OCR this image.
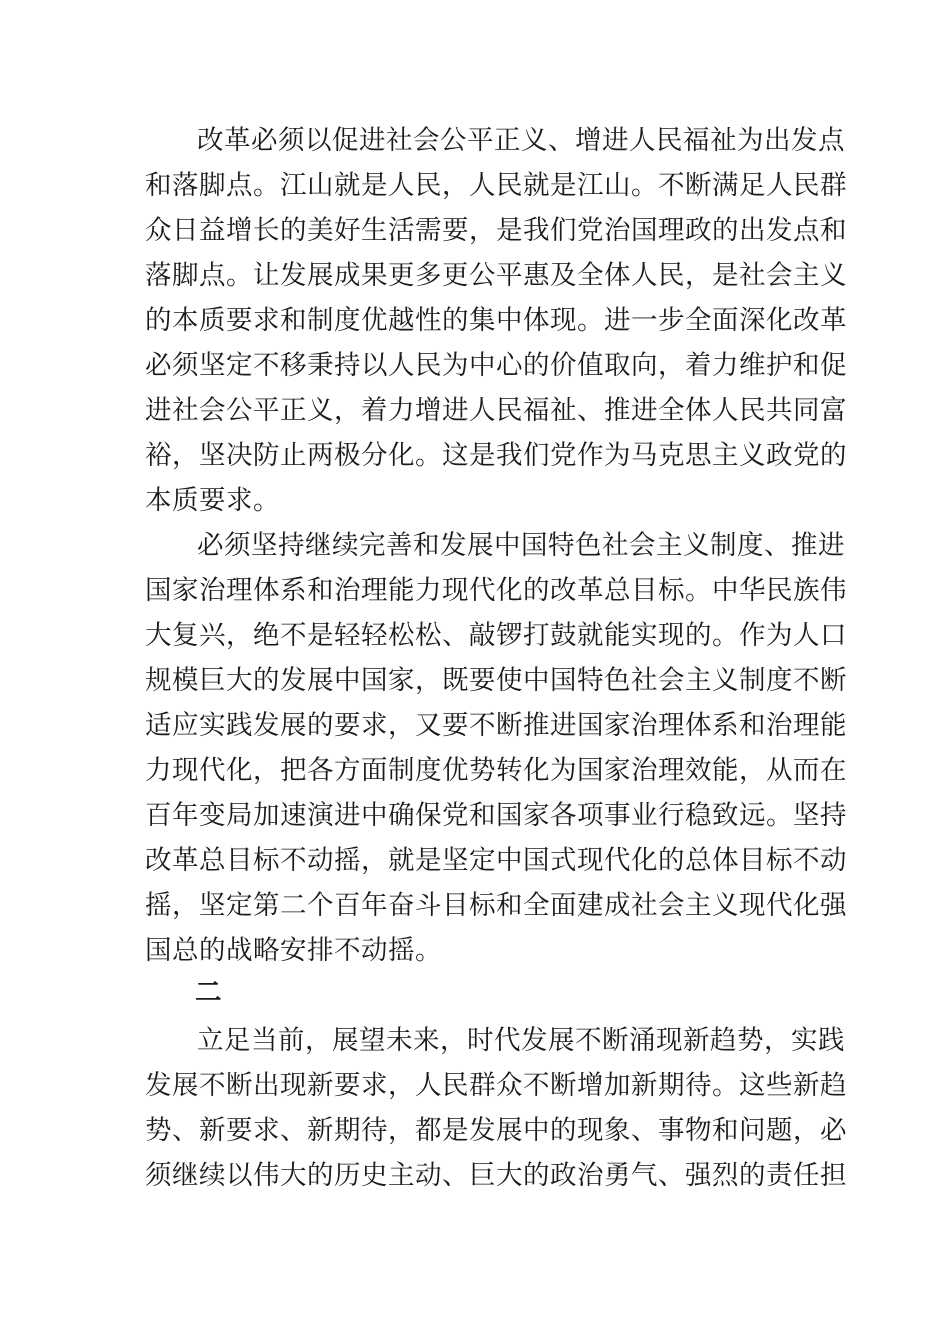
改革必须以促进社会公平正义、增进人民福祉为出发点
和落脚点。江山就是人民，人民就是江山。不断满足人民群
众日益增长的美好生活需要，是我们党治国理政的出发点和
落脚点。让发展成果更多更公平惠及全体人民，是社会主义
的本质要求和制度优越性的集中体现。进一步全面深化改革
必须坚定不移秉持以人民为中心的价值取向，着力维护和促
进社会公平正义，着力增进人民福祉、推进全体人民共同富
裕，坚决防止两极分化。这是我们党作为马克思主义政党的
本质要求。
必须坚持继续完善和发展中国特色社会主义制度、推进
国家治理体系和治理能力现代化的改革总目标。中华民族伟
大复兴，绝不是轻轻松松、敲锣打鼓就能实现的。作为人口
规模巨大的发展中国家，既要使中国特色社会主义制度不断
适应实践发展的要求，又要不断推进国家治理体系和治理能
力现代化，把各方面制度优势转化为国家治理效能，从而在
百年变局加速演进中确保党和国家各项事业行稳致远。坚持
改革总目标不动摇，就是坚定中国式现代化的总体目标不动
摇，坚定第二个百年奋斗目标和全面建成社会主义现代化强
国总的战略安排不动摇。
二
立足当前，展望未来，时代发展不断涌现新趋势，实践
发展不断出现新要求，人民群众不断增加新期待。这些新趋
势、新要求、新期待，都是发展中的现象、事物和问题，必
须继续以伟大的历史主动、巨大的政治勇气、强烈的责任担
